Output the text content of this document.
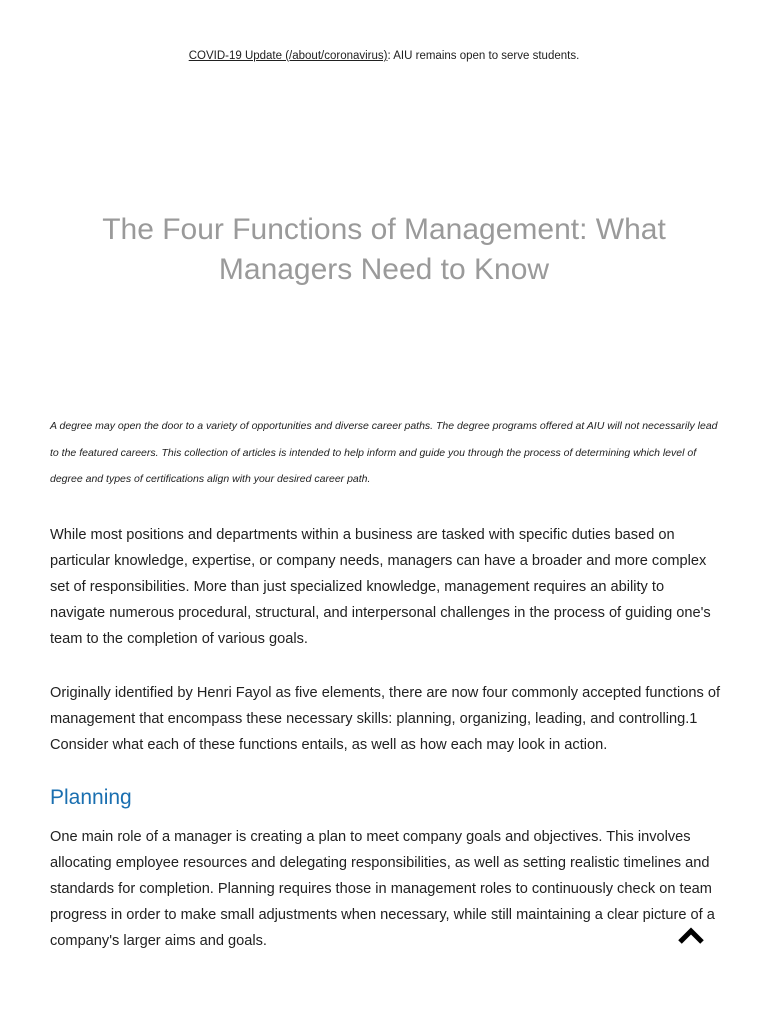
COVID-19 Update (/about/coronavirus): AIU remains open to serve students.
The Four Functions of Management: What Managers Need to Know

A degree may open the door to a variety of opportunities and diverse career paths. The degree programs offered at AIU will not necessarily lead to the featured careers. This collection of articles is intended to help inform and guide you through the process of determining which level of degree and types of certifications align with your desired career path.

While most positions and departments within a business are tasked with specific duties based on particular knowledge, expertise, or company needs, managers can have a broader and more complex set of responsibilities. More than just specialized knowledge, management requires an ability to navigate numerous procedural, structural, and interpersonal challenges in the process of guiding one's team to the completion of various goals.

Originally identified by Henri Fayol as five elements, there are now four commonly accepted functions of management that encompass these necessary skills: planning, organizing, leading, and controlling.1 Consider what each of these functions entails, as well as how each may look in action.

Planning

One main role of a manager is creating a plan to meet company goals and objectives. This involves allocating employee resources and delegating responsibilities, as well as setting realistic timelines and standards for completion. Planning requires those in management roles to continuously check on team progress in order to make small adjustments when necessary, while still maintaining a clear picture of a company's larger aims and goals.
